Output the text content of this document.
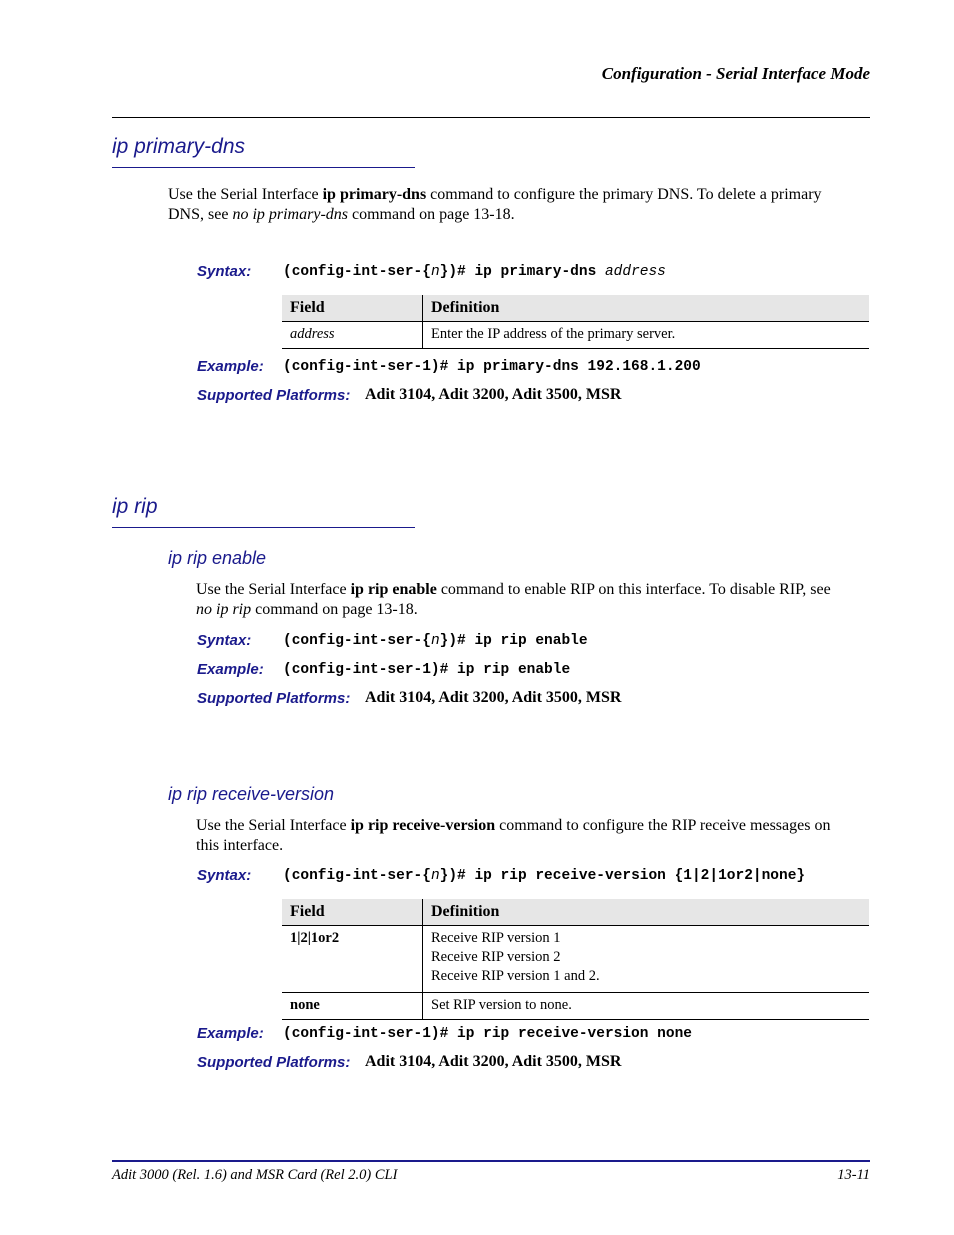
Configuration - Serial Interface Mode
ip primary-dns
Use the Serial Interface ip primary-dns command to configure the primary DNS. To delete a primary
DNS, see no ip primary-dns command on page 13-18.
Syntax: (config-int-ser-{n})# ip primary-dns address
Field	Definition
address	Enter the IP address of the primary server.
Example: (config-int-ser-1)# ip primary-dns 192.168.1.200
Supported Platforms: Adit 3104, Adit 3200, Adit 3500, MSR
ip rip
ip rip enable
Use the Serial Interface ip rip enable command to enable RIP on this interface. To disable RIP, see
no ip rip command on page 13-18.
Syntax: (config-int-ser-{n})# ip rip enable
Example: (config-int-ser-1)# ip rip enable
Supported Platforms: Adit 3104, Adit 3200, Adit 3500, MSR
ip rip receive-version
Use the Serial Interface ip rip receive-version command to configure the RIP receive messages on
this interface.
Syntax: (config-int-ser-{n})# ip rip receive-version {1|2|1or2|none}
Field	Definition
1|2|1or2	Receive RIP version 1
Receive RIP version 2
Receive RIP version 1 and 2.

none	Set RIP version to none.
Example: (config-int-ser-1)# ip rip receive-version none
Supported Platforms: Adit 3104, Adit 3200, Adit 3500, MSR
Adit 3000 (Rel. 1.6) and MSR Card (Rel 2.0) CLI	13-11
